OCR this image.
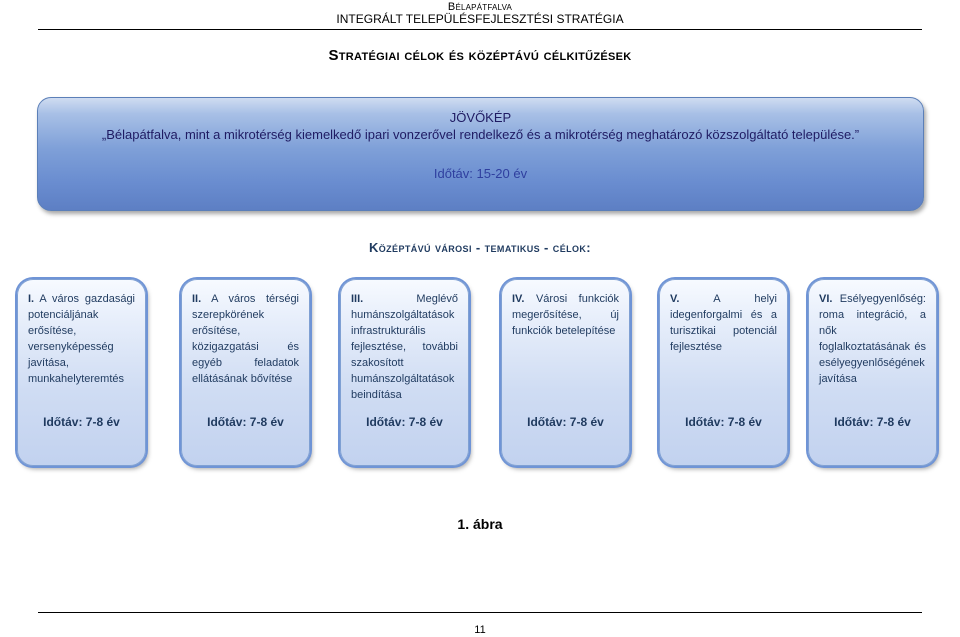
Bélapátfalva
INTEGRÁLT TELEPÜLÉSFEJLESZTÉSI STRATÉGIA
Stratégiai célok és középtávú célkitűzések
JÖVŐKÉP
„Bélapátfalva, mint a mikrotérség kiemelkedő ipari vonzerővel rendelkező és a mikrotérség meghatározó közszolgáltató települése.”
Időtáv: 15-20 év
Középtávú városi - tematikus - célok:
I. A város gazdasági potenciáljának erősítése, versenyképesség javítása, munkahelyteremtés
Időtáv: 7-8 év
II. A város térségi szerepkörének erősítése, közigazgatási és egyéb feladatok ellátásának bővítése
Időtáv: 7-8 év
III.	Meglévő humánszolgáltatások infrastrukturális fejlesztése, további szakosított humánszolgáltatások beindítása
Időtáv: 7-8 év
IV. Városi funkciók megerősítése, új funkciók betelepítése
Időtáv: 7-8 év
V.	A helyi idegenforgalmi és a turisztikai potenciál fejlesztése
Időtáv: 7-8 év
VI. Esélyegyenlőség: roma integráció, a nők foglalkoztatásának és esélyegyenlőségének javítása
Időtáv: 7-8 év
1. ábra
11
